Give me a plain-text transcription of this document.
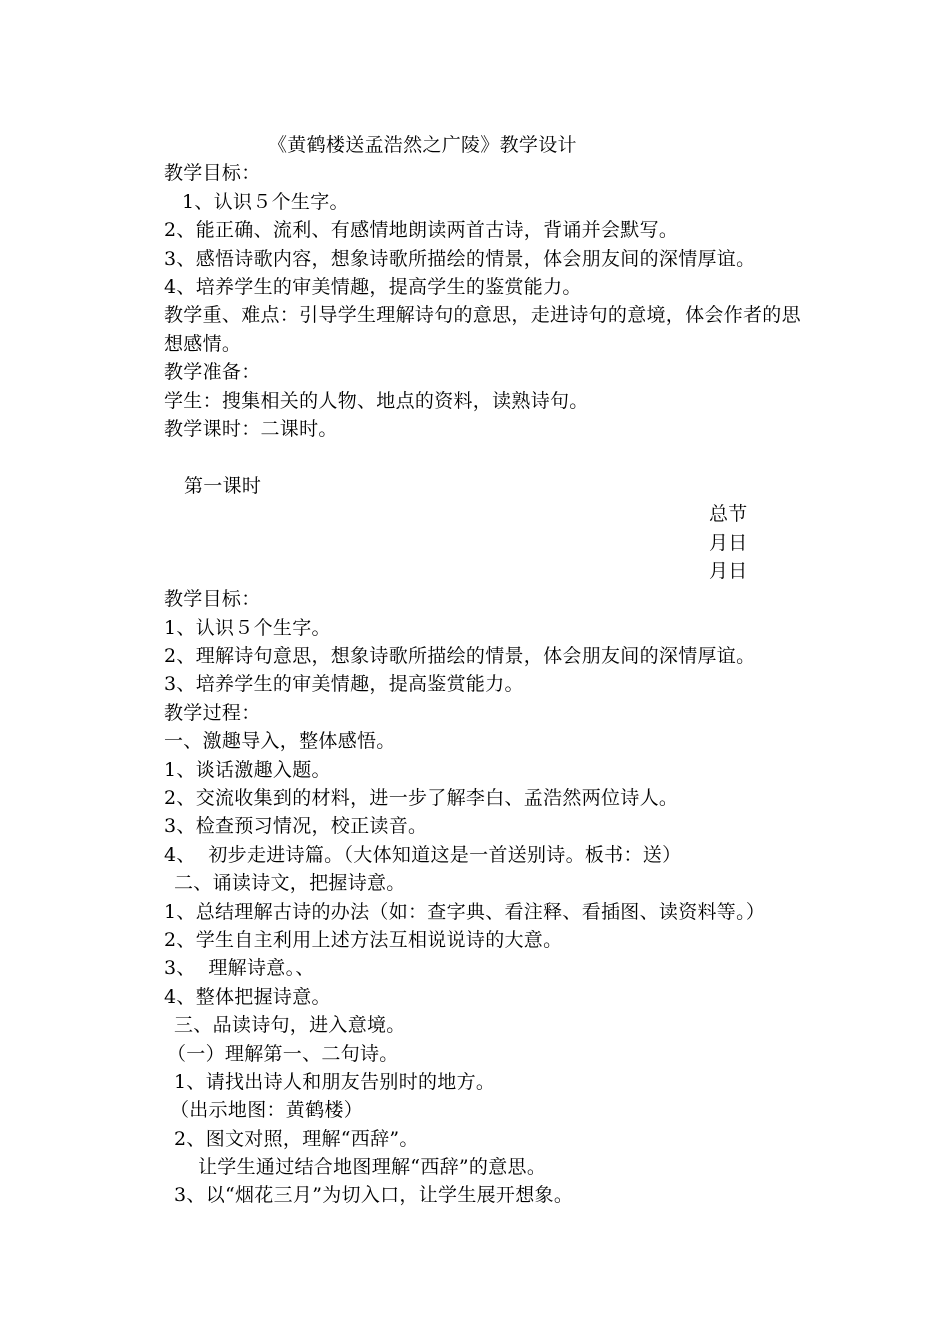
《黄鹤楼送孟浩然之广陵》教学设计
教学目标：
1、认识５个生字。
2、能正确、流利、有感情地朗读两首古诗，背诵并会默写。
3、感悟诗歌内容，想象诗歌所描绘的情景，体会朋友间的深情厚谊。
4、培养学生的审美情趣，提高学生的鉴赏能力。
教学重、难点：引导学生理解诗句的意思，走进诗句的意境，体会作者的思想感情。
教学准备：
学生：搜集相关的人物、地点的资料，读熟诗句。
教学课时：二课时。
第一课时
总节
月日
月日
教学目标：
1、认识５个生字。
2、理解诗句意思，想象诗歌所描绘的情景，体会朋友间的深情厚谊。
3、培养学生的审美情趣，提高鉴赏能力。
教学过程：
一、激趣导入，整体感悟。
1、谈话激趣入题。
2、交流收集到的材料，进一步了解李白、孟浩然两位诗人。
3、检查预习情况，校正读音。
4、  初步走进诗篇。（大体知道这是一首送别诗。板书：送）
二、诵读诗文，把握诗意。
1、总结理解古诗的办法（如：查字典、看注释、看插图、读资料等。）
2、学生自主利用上述方法互相说说诗的大意。
3、  理解诗意。、
4、整体把握诗意。
三、品读诗句，进入意境。
（一）理解第一、二句诗。
1、请找出诗人和朋友告别时的地方。
（出示地图：黄鹤楼）
2、图文对照，理解“西辞”。
让学生通过结合地图理解“西辞”的意思。
3、以“烟花三月”为切入口，让学生展开想象。
